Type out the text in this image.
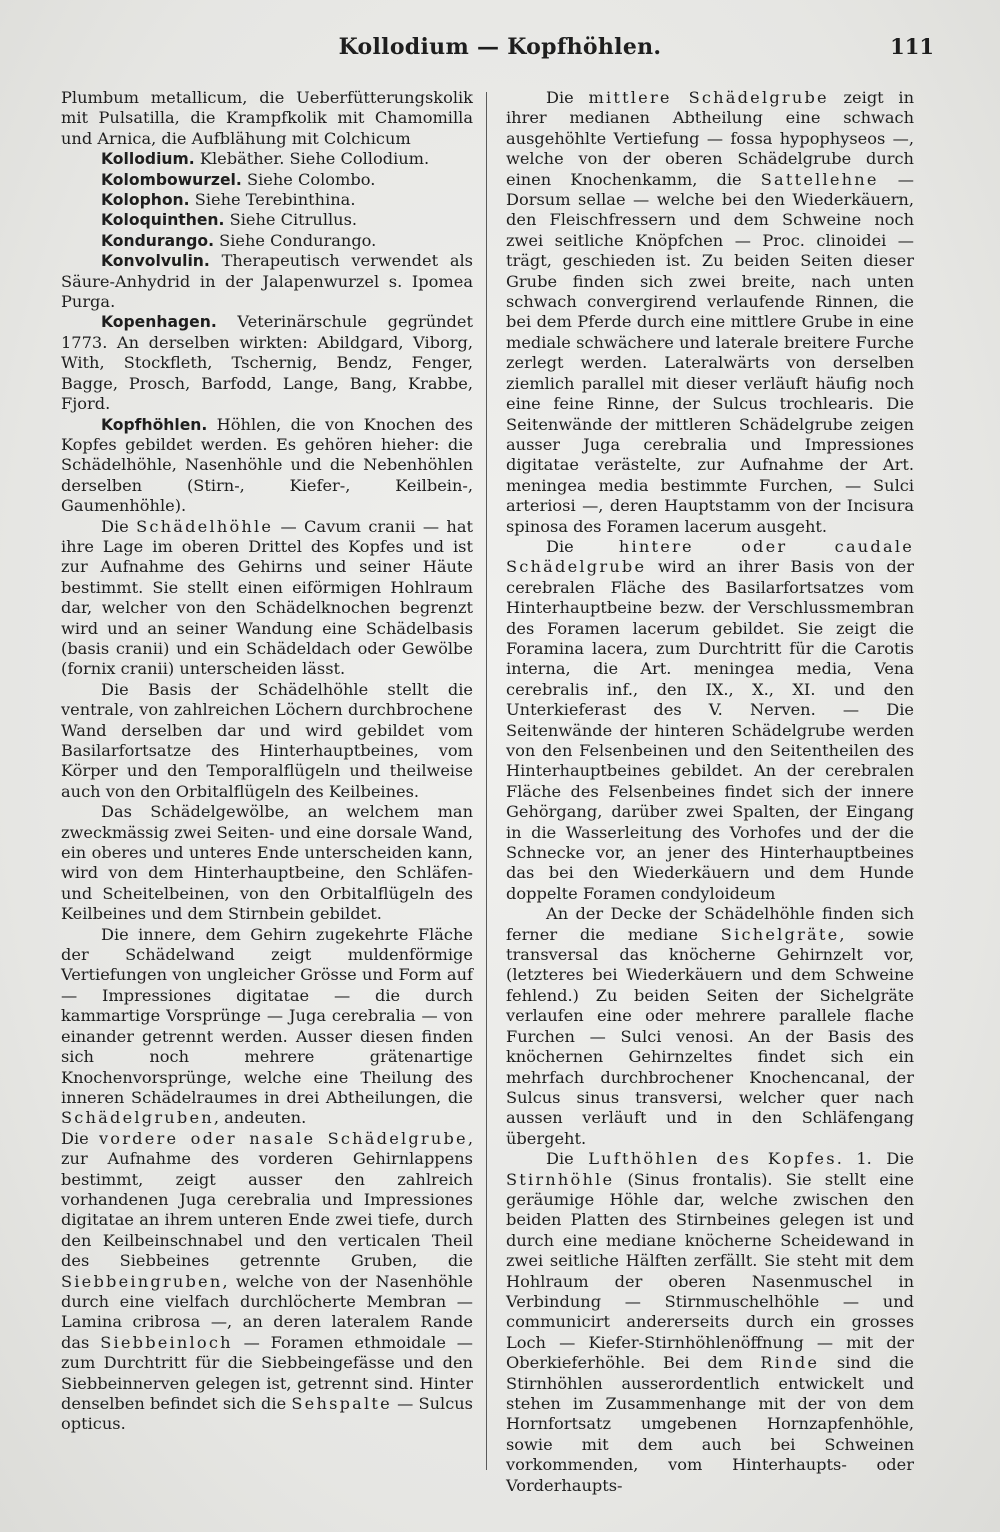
Kollodium — Kopfhöhlen.	111

Plumbum metallicum, die Ueberfütterungskolik mit Pulsatilla, die Krampfkolik mit Chamomilla und Arnica, die Aufblähung mit Colchicum

Kollodium. Klebäther. Siehe Collodium.

Kolombowurzel. Siehe Colombo.

Kolophon. Siehe Terebinthina.

Koloquinthen. Siehe Citrullus.

Kondurango. Siehe Condurango.

Konvolvulin. Therapeutisch verwendet als Säure-Anhydrid in der Jalapenwurzel s. Ipomea Purga.

Kopenhagen. Veterinärschule gegründet 1773. An derselben wirkten: Abildgard, Viborg, With, Stockfleth, Tschernig, Bendz, Fenger, Bagge, Prosch, Barfodd, Lange, Bang, Krabbe, Fjord.

Kopfhöhlen. Höhlen, die von Knochen des Kopfes gebildet werden. Es gehören hieher: die Schädelhöhle, Nasenhöhle und die Nebenhöhlen derselben (Stirn-, Kiefer-, Keilbein-, Gaumenhöhle).

Die Schädelhöhle — Cavum cranii — hat ihre Lage im oberen Drittel des Kopfes und ist zur Aufnahme des Gehirns und seiner Häute bestimmt. Sie stellt einen eiförmigen Hohlraum dar, welcher von den Schädelknochen begrenzt wird und an seiner Wandung eine Schädelbasis (basis cranii) und ein Schädeldach oder Gewölbe (fornix cranii) unterscheiden lässt.

Die Basis der Schädelhöhle stellt die ventrale, von zahlreichen Löchern durchbrochene Wand derselben dar und wird gebildet vom Basilarfortsatze des Hinterhauptbeines, vom Körper und den Temporalflügeln und theilweise auch von den Orbitalflügeln des Keilbeines.

Das Schädelgewölbe, an welchem man zweckmässig zwei Seiten- und eine dorsale Wand, ein oberes und unteres Ende unterscheiden kann, wird von dem Hinterhauptbeine, den Schläfen- und Scheitelbeinen, von den Orbitalflügeln des Keilbeines und dem Stirnbein gebildet.

Die innere, dem Gehirn zugekehrte Fläche der Schädelwand zeigt muldenförmige Vertiefungen von ungleicher Grösse und Form auf — Impressiones digitatae — die durch kammartige Vorsprünge — Juga cerebralia — von einander getrennt werden. Ausser diesen finden sich noch mehrere grätenartige Knochenvorsprünge, welche eine Theilung des inneren Schädelraumes in drei Abtheilungen, die Schädelgruben, andeuten.

Die vordere oder nasale Schädelgrube, zur Aufnahme des vorderen Gehirnlappens bestimmt, zeigt ausser den zahlreich vorhandenen Juga cerebralia und Impressiones digitatae an ihrem unteren Ende zwei tiefe, durch den Keilbeinschnabel und den verticalen Theil des Siebbeines getrennte Gruben, die Siebbeingruben, welche von der Nasenhöhle durch eine vielfach durchlöcherte Membran — Lamina cribrosa —, an deren lateralem Rande das Siebbeinloch — Foramen ethmoidale — zum Durchtritt für die Siebbeingefässe und den Siebbeinnerven gelegen ist, getrennt sind. Hinter denselben befindet sich die Sehspalte — Sulcus opticus.

Die mittlere Schädelgrube zeigt in ihrer medianen Abtheilung eine schwach ausgehöhlte Vertiefung — fossa hypophyseos —, welche von der oberen Schädelgrube durch einen Knochenkamm, die Sattellehne — Dorsum sellae — welche bei den Wiederkäuern, den Fleischfressern und dem Schweine noch zwei seitliche Knöpfchen — Proc. clinoidei — trägt, geschieden ist. Zu beiden Seiten dieser Grube finden sich zwei breite, nach unten schwach convergirend verlaufende Rinnen, die bei dem Pferde durch eine mittlere Grube in eine mediale schwächere und laterale breitere Furche zerlegt werden. Lateralwärts von derselben ziemlich parallel mit dieser verläuft häufig noch eine feine Rinne, der Sulcus trochlearis. Die Seitenwände der mittleren Schädelgrube zeigen ausser Juga cerebralia und Impressiones digitatae verästelte, zur Aufnahme der Art. meningea media bestimmte Furchen, — Sulci arteriosi —, deren Hauptstamm von der Incisura spinosa des Foramen lacerum ausgeht.

Die hintere oder caudale Schädelgrube wird an ihrer Basis von der cerebralen Fläche des Basilarfortsatzes vom Hinterhauptbeine bezw. der Verschlussmembran des Foramen lacerum gebildet. Sie zeigt die Foramina lacera, zum Durchtritt für die Carotis interna, die Art. meningea media, Vena cerebralis inf., den IX., X., XI. und den Unterkieferast des V. Nerven. — Die Seitenwände der hinteren Schädelgrube werden von den Felsenbeinen und den Seitentheilen des Hinterhauptbeines gebildet. An der cerebralen Fläche des Felsenbeines findet sich der innere Gehörgang, darüber zwei Spalten, der Eingang in die Wasserleitung des Vorhofes und der die Schnecke vor, an jener des Hinterhauptbeines das bei den Wiederkäuern und dem Hunde doppelte Foramen condyloideum

An der Decke der Schädelhöhle finden sich ferner die mediane Sichelgräte, sowie transversal das knöcherne Gehirnzelt vor, (letzteres bei Wiederkäuern und dem Schweine fehlend.) Zu beiden Seiten der Sichelgräte verlaufen eine oder mehrere parallele flache Furchen — Sulci venosi. An der Basis des knöchernen Gehirnzeltes findet sich ein mehrfach durchbrochener Knochencanal, der Sulcus sinus transversi, welcher quer nach aussen verläuft und in den Schläfengang übergeht.

Die Lufthöhlen des Kopfes. 1. Die Stirnhöhle (Sinus frontalis). Sie stellt eine geräumige Höhle dar, welche zwischen den beiden Platten des Stirnbeines gelegen ist und durch eine mediane knöcherne Scheidewand in zwei seitliche Hälften zerfällt. Sie steht mit dem Hohlraum der oberen Nasenmuschel in Verbindung — Stirnmuschelhöhle — und communicirt andererseits durch ein grosses Loch — Kiefer-Stirnhöhlenöffnung — mit der Oberkieferhöhle. Bei dem Rinde sind die Stirnhöhlen ausserordentlich entwickelt und stehen im Zusammenhange mit der von dem Hornfortsatz umgebenen Hornzapfenhöhle, sowie mit dem auch bei Schweinen vorkommenden, vom Hinterhaupts- oder Vorderhaupts-
